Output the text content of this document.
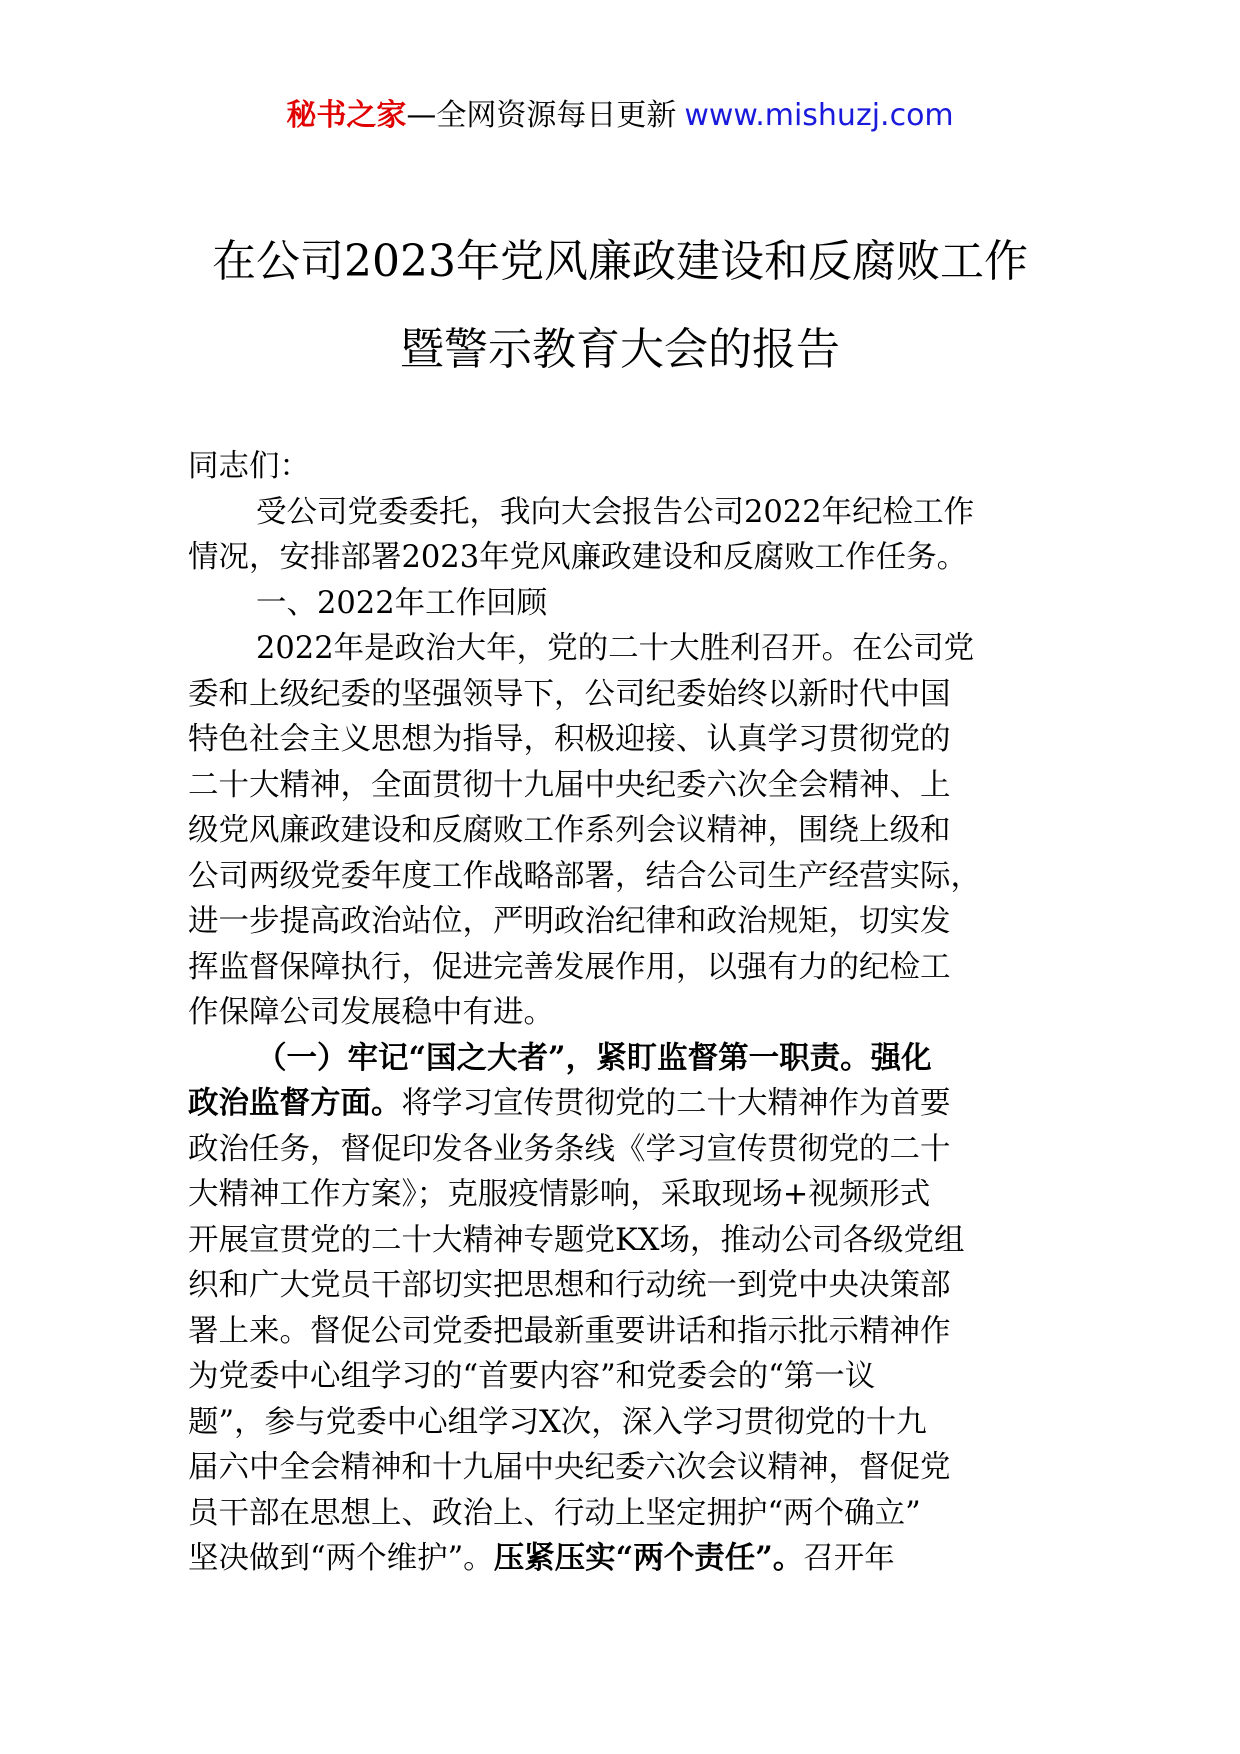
秘书之家—全网资源每日更新 www.mishuzj.com
在公司2023年党风廉政建设和反腐败工作
暨警示教育大会的报告
同志们：
受公司党委委托，我向大会报告公司2022年纪检工作
情况，安排部署2023年党风廉政建设和反腐败工作任务。
一、2022年工作回顾
2022年是政治大年，党的二十大胜利召开。在公司党
委和上级纪委的坚强领导下，公司纪委始终以新时代中国
特色社会主义思想为指导，积极迎接、认真学习贯彻党的
二十大精神，全面贯彻十九届中央纪委六次全会精神、上
级党风廉政建设和反腐败工作系列会议精神，围绕上级和
公司两级党委年度工作战略部署，结合公司生产经营实际，
进一步提高政治站位，严明政治纪律和政治规矩，切实发
挥监督保障执行，促进完善发展作用，以强有力的纪检工
作保障公司发展稳中有进。
（一）牢记“国之大者”，紧盯监督第一职责。强化
政治监督方面。将学习宣传贯彻党的二十大精神作为首要
政治任务，督促印发各业务条线《学习宣传贯彻党的二十
大精神工作方案》；克服疫情影响，采取现场+视频形式
开展宣贯党的二十大精神专题党KX场，推动公司各级党组
织和广大党员干部切实把思想和行动统一到党中央决策部
署上来。督促公司党委把最新重要讲话和指示批示精神作
为党委中心组学习的“首要内容”和党委会的“第一议
题”，参与党委中心组学习X次，深入学习贯彻党的十九
届六中全会精神和十九届中央纪委六次会议精神，督促党
员干部在思想上、政治上、行动上坚定拥护“两个确立”
坚决做到“两个维护”。压紧压实“两个责任”。召开年
